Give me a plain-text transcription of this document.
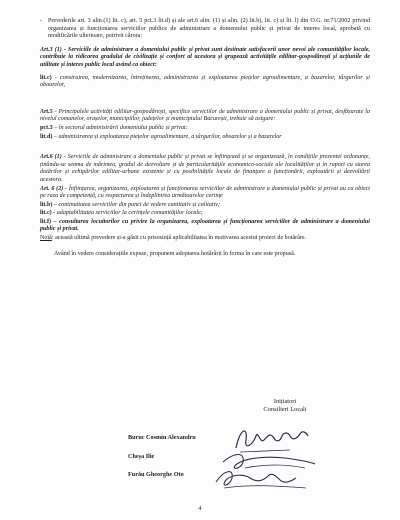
- Prevederile art. 3 alin.(1) lit. c), art. 5 pct.3 lit.d) și ale art.6 alin. (1) și alin. (2) lit.b), lit. c) și lit. l) din O.G. nr.71/2002 privind organizarea și funcționarea serviciilor publice de administrare a domeniului public și privat de interes local, aprobată cu modificările ulterioare, potrivit cărora:
Art.3 (1) - Serviciile de administrare a domeniului public și privat sunt destinate satisfacerii unor nevoi ale comunităților locale, contribuie la ridicarea gradului de civilizație și confort al acestora și grupează activitățile edilitar-gospodărești și acțiunile de utilitate și interes public local având ca obiect:
lit.c) - construirea, modernizarea, întreținerea, administrarea și exploatarea piețelor agroalimentare, a bazarelor, târgurilor și oboarelor,
Art.5 - Principalele activități edilitar-gospodărești, specifice serviciilor de administrare a domeniului public și privat, desfășurate la nivelul comunelor, orașelor, municipiilor, județelor și municipiului București, trebuie să asigure:
pct.3 – în sectorul administrării domeniului public și privat:
lit.d) – administrarea și exploatarea piețelor agroalimentare, a târgurilor, oboarelor și a bazarelor
Art.6 (1) - Serviciile de administrare a domeniului public și privat se înființează și se organizează, în condițiile prezentei ordonanțe, ținându-se seama de mărimea, gradul de dezvoltare și de particularitățile economico-sociale ale localităților și în raport cu starea dotărilor și echipărilor edilitar-urbane existente și cu posibilitățile locale de finanțare a funcționării, exploatării și dezvoltării acestora.
Art. 6 (2) - Înființarea, organizarea, exploatarea și funcționarea serviciilor de administrare a domeniului public și privat au ca obiect pe raza de competență, cu respectarea și îndeplinirea următoarelor cerințe
lit.b) – continuitatea serviciilor din punct de vedere cantitativ și calitativ;
lit.c) - adaptabilitatea serviciilor la cerințele comunităților locale;
lit.f) – consultarea locuitorilor cu privire la organizarea, exploatarea și funcționarea serviciilor de administrare a domeniului public și privat.
Notă: această ultimă prevedere și-a găsit cu prisosință aplicabilitatea în motivarea acestui proiect de hotărâre.
Având în vedere considerațiile expuse, propunem adoptarea hotărârii în forma în care este propusă.
Inițiatori
Consilieri Locali
Buruc Cosmin Alexandru
Cheșa Ilie
Furău Gheorghe Oto
4
